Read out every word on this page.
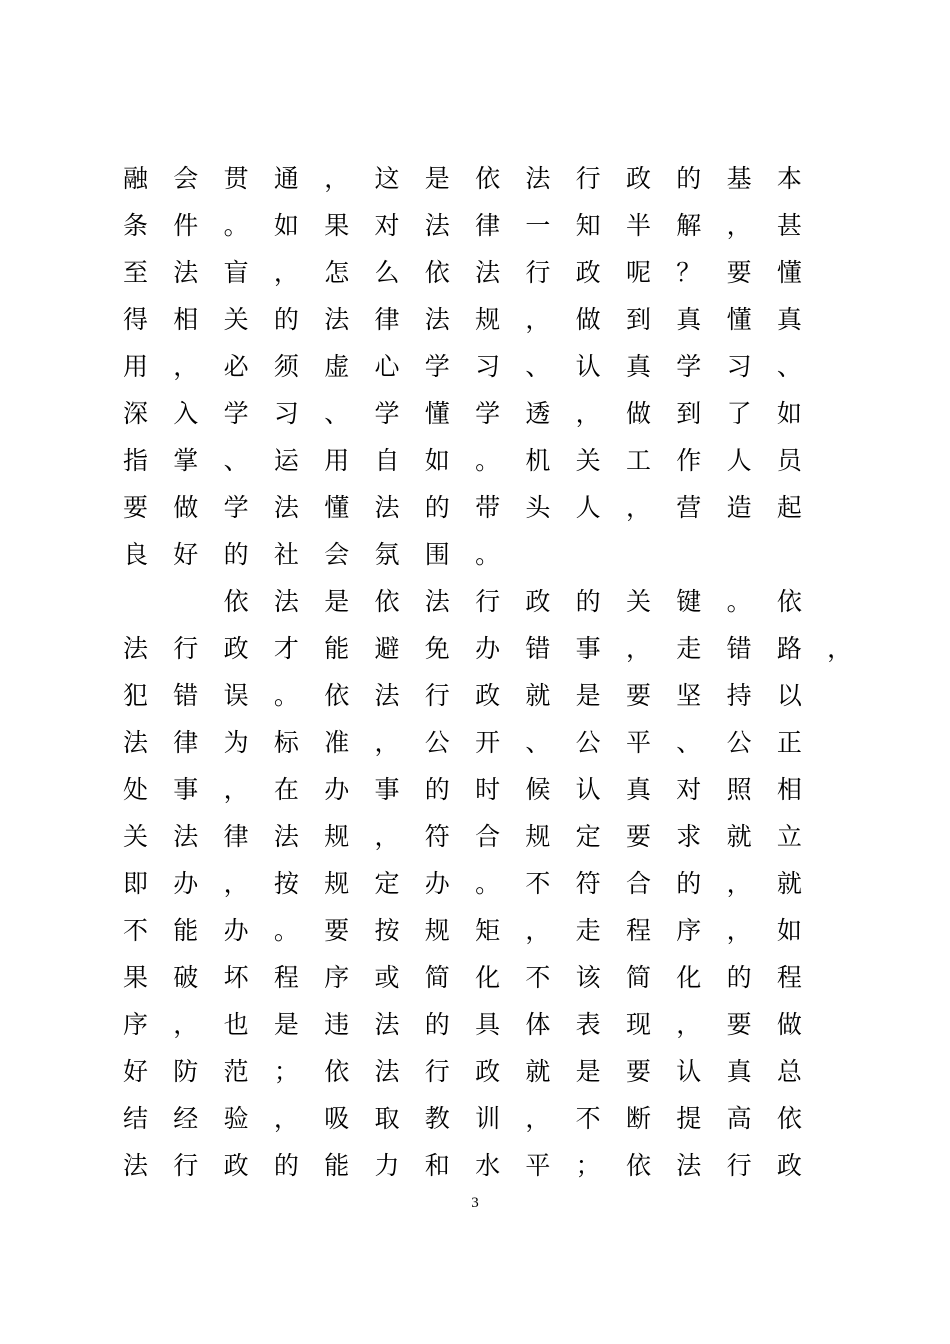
融	会	贯	通	，	这	是	依	法	行	政	的	基	本
条	件	。	如	果	对	法	律	一	知	半	解	，	甚
至	法	盲	，	怎	么	依	法	行	政	呢	？	要	懂
得	相	关	的	法	律	法	规	，	做	到	真	懂	真
用	，	必	须	虚	心	学	习	、	认	真	学	习	、
深	入	学	习	、	学	懂	学	透	，	做	到	了	如
指	掌	、	运	用	自	如	。	机	关	工	作	人	员
要	做	学	法	懂	法	的	带	头	人	，	营	造	起
良	好	的	社	会	氛	围	。

依	法	是	依	法	行	政	的	关	键	。	依
法	行	政	才	能	避	免	办	错	事	，	走	错	路	，
犯	错	误	。	依	法	行	政	就	是	要	坚	持	以
法	律	为	标	准	，	公	开	、	公	平	、	公	正
处	事	，	在	办	事	的	时	候	认	真	对	照	相
关	法	律	法	规	，	符	合	规	定	要	求	就	立
即	办	，	按	规	定	办	。	不	符	合	的	，	就
不	能	办	。	要	按	规	矩	，	走	程	序	，	如
果	破	坏	程	序	或	简	化	不	该	简	化	的	程
序	，	也	是	违	法	的	具	体	表	现	，	要	做
好	防	范	；	依	法	行	政	就	是	要	认	真	总
结	经	验	，	吸	取	教	训	，	不	断	提	高	依
法	行	政	的	能	力	和	水	平	；	依	法	行	政
3
